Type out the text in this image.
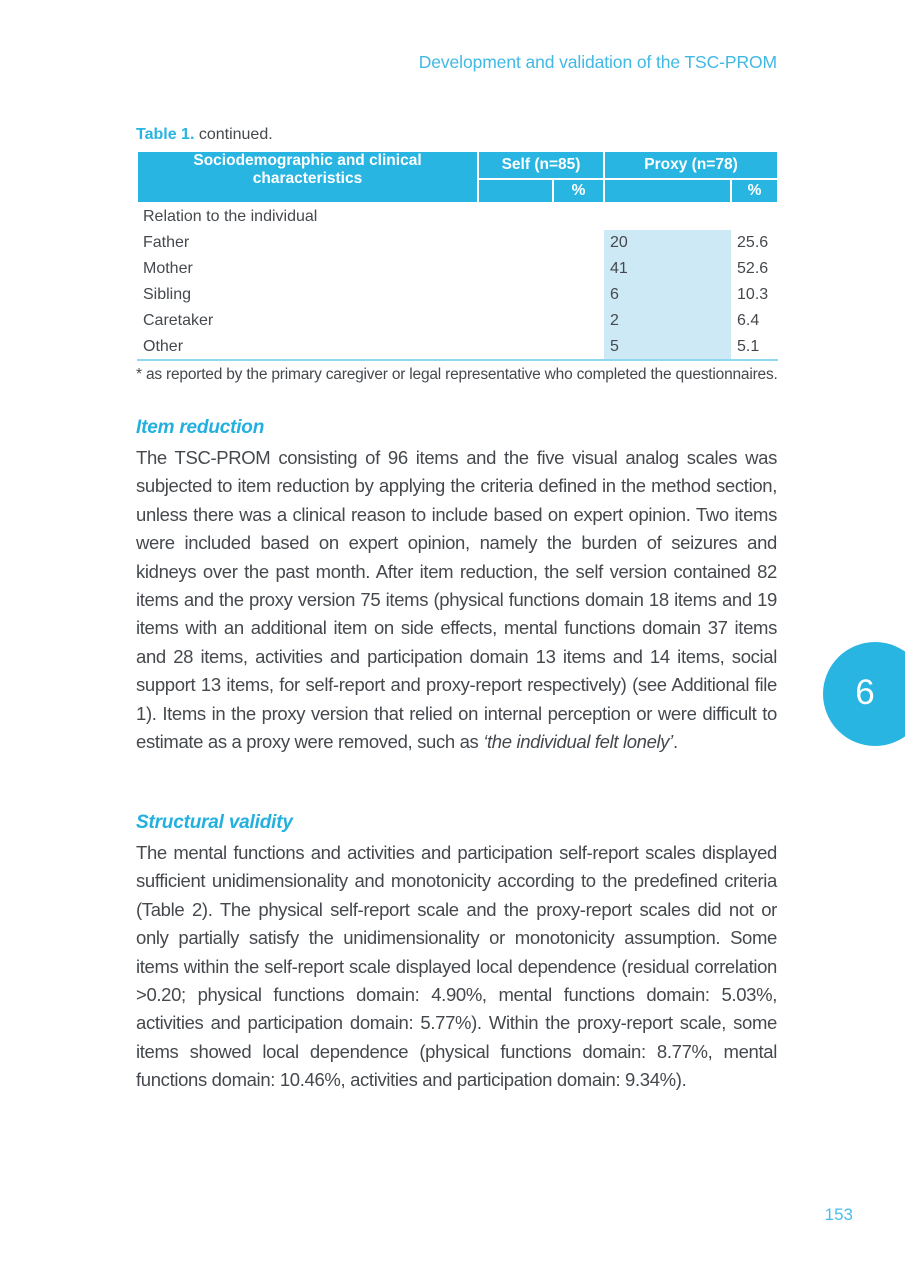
Development and validation of the TSC-PROM
Table 1. continued.
Sociodemographic and clinical characteristics	Self (n=85)		Proxy (n=78)	
		%		%
Relation to the individual				
Father			20	25.6
Mother			41	52.6
Sibling			6	10.3
Caretaker			2	6.4
Other			5	5.1
* as reported by the primary caregiver or legal representative who completed the questionnaires.
Item reduction

The TSC-PROM consisting of 96 items and the five visual analog scales was subjected to item reduction by applying the criteria defined in the method section, unless there was a clinical reason to include based on expert opinion. Two items were included based on expert opinion, namely the burden of seizures and kidneys over the past month. After item reduction, the self version contained 82 items and the proxy version 75 items (physical functions domain 18 items and 19 items with an additional item on side effects, mental functions domain 37 items and 28 items, activities and participation domain 13 items and 14 items, social support 13 items, for self-report and proxy-report respectively) (see Additional file 1). Items in the proxy version that relied on internal perception or were difficult to estimate as a proxy were removed, such as ‘the individual felt lonely’.

Structural validity

The mental functions and activities and participation self-report scales displayed sufficient unidimensionality and monotonicity according to the predefined criteria (Table 2). The physical self-report scale and the proxy-report scales did not or only partially satisfy the unidimensionality or monotonicity assumption. Some items within the self-report scale displayed local dependence (residual correlation >0.20; physical functions domain: 4.90%, mental functions domain: 5.03%, activities and participation domain: 5.77%). Within the proxy-report scale, some items showed local dependence (physical functions domain: 8.77%, mental functions domain: 10.46%, activities and participation domain: 9.34%).

6
153
